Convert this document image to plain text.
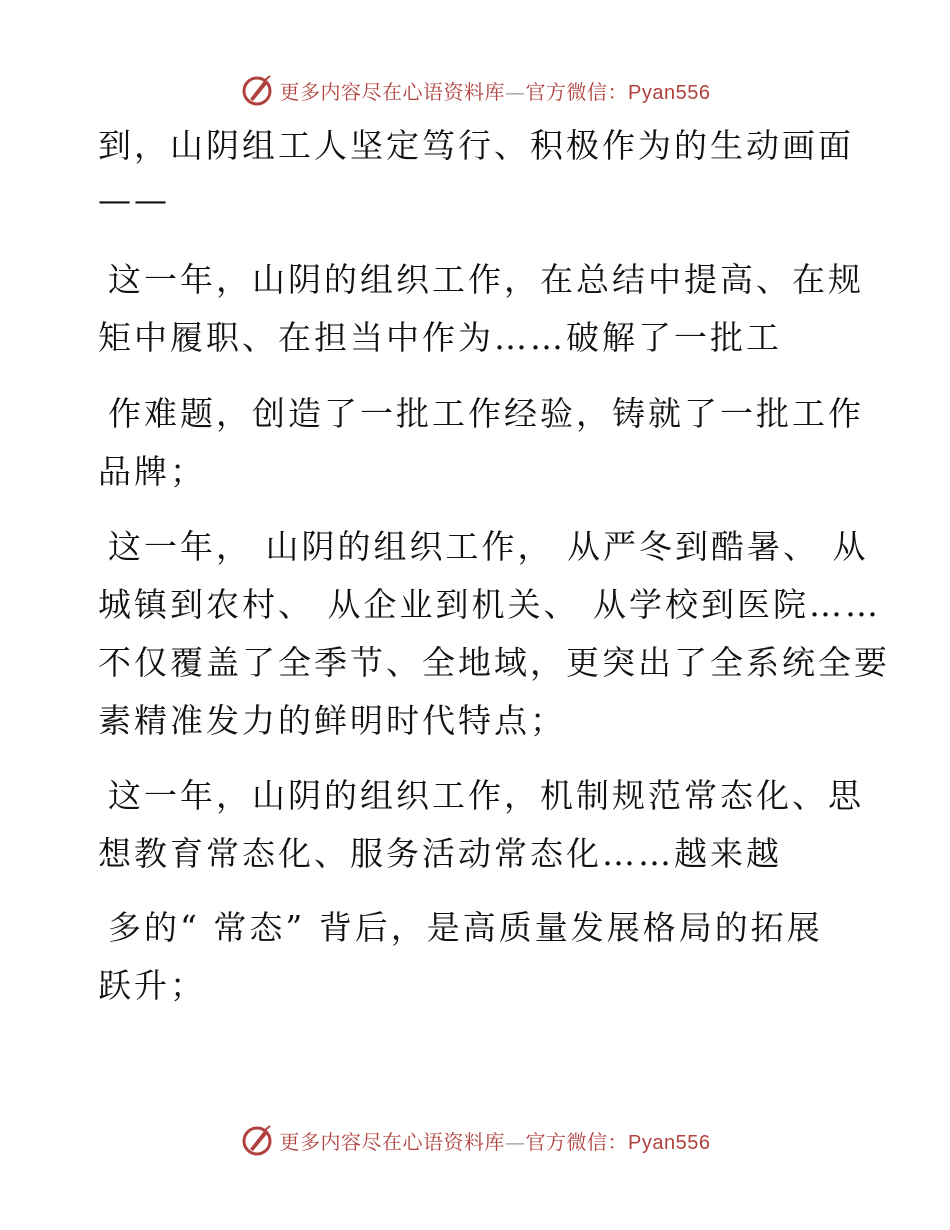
更多内容尽在心语资料库—官方微信：Pyan556
到，山阴组工人坚定笃行、积极作为的生动画面
——
这一年，山阴的组织工作，在总结中提高、在规
矩中履职、在担当中作为……破解了一批工
作难题，创造了一批工作经验，铸就了一批工作
品牌；
这一年， 山阴的组织工作， 从严冬到酷暑、 从
城镇到农村、 从企业到机关、 从学校到医院……
不仅覆盖了全季节、全地域，更突出了全系统全要
素精准发力的鲜明时代特点；
这一年，山阴的组织工作，机制规范常态化、思
想教育常态化、服务活动常态化……越来越
多的“ 常态” 背后，是高质量发展格局的拓展
跃升；
更多内容尽在心语资料库—官方微信：Pyan556
